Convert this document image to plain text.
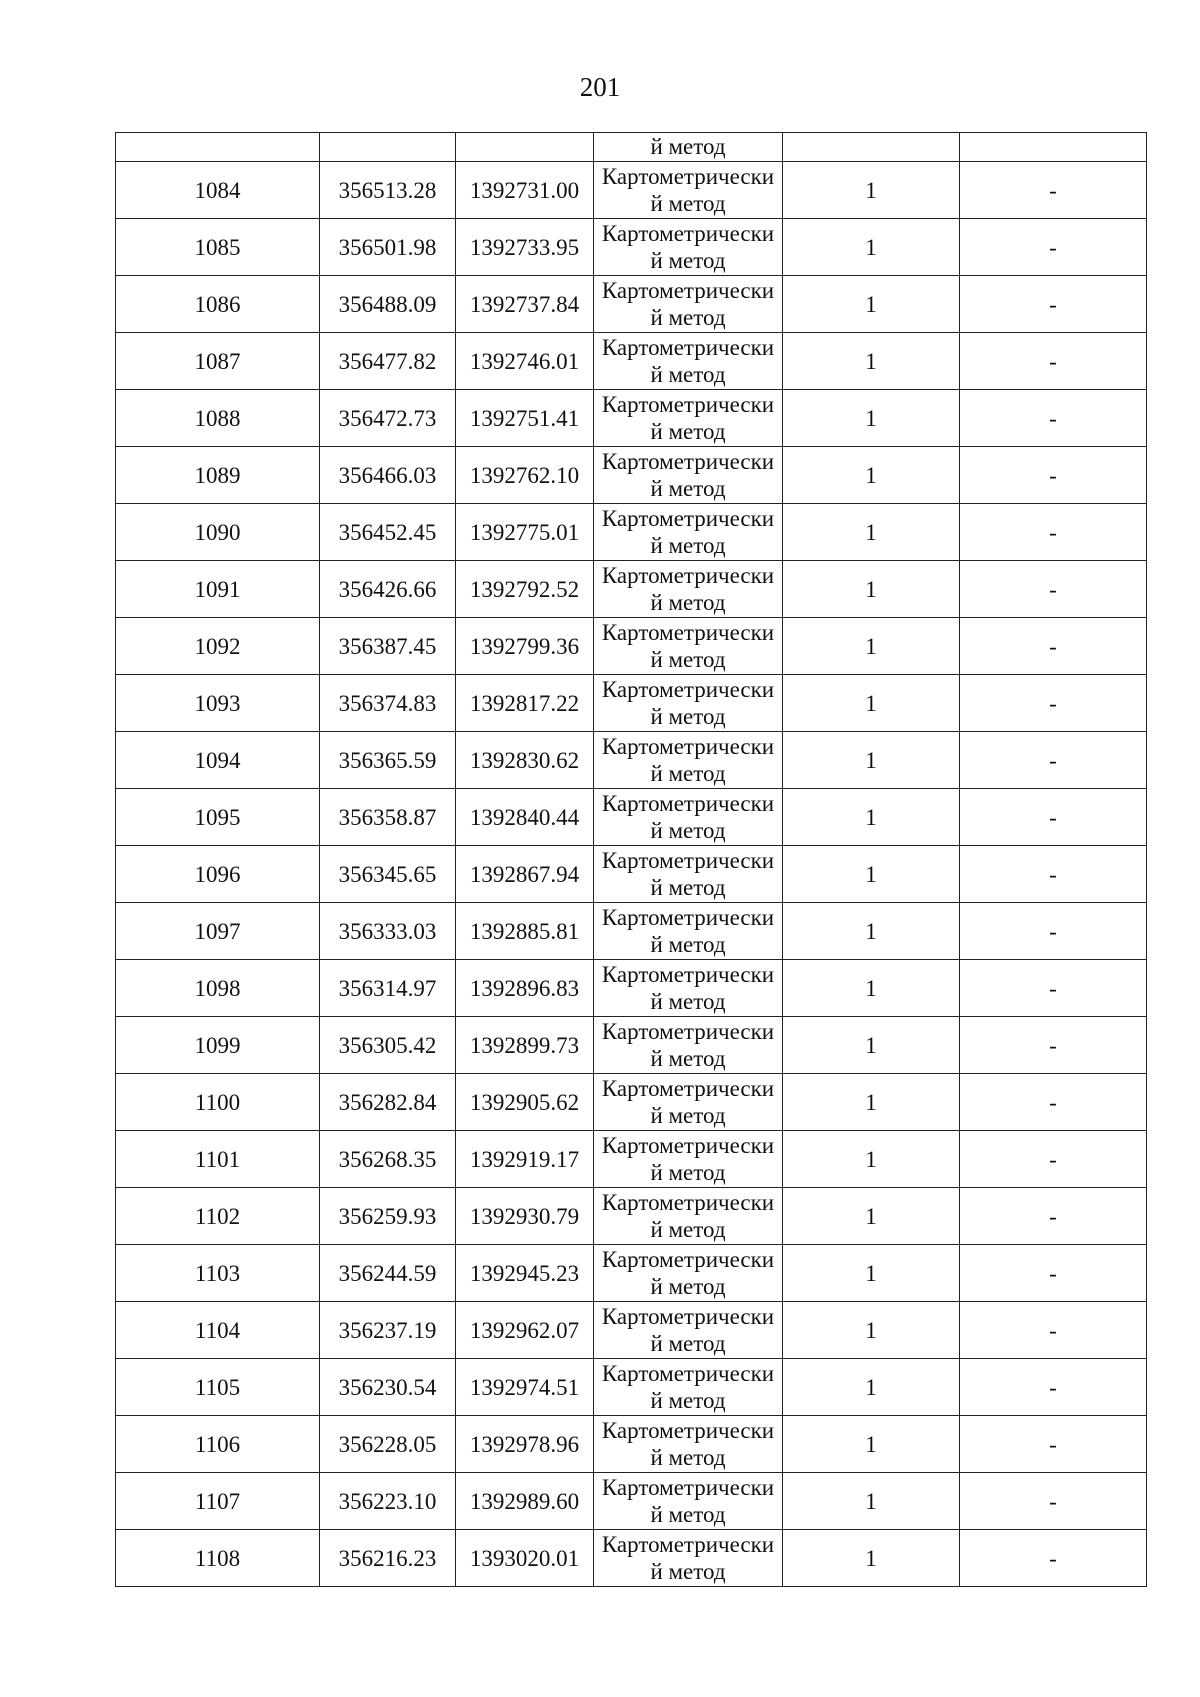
201
			й метод		
1084	356513.28	1392731.00	Картометрически
й метод	1	-
1085	356501.98	1392733.95	Картометрически
й метод	1	-
1086	356488.09	1392737.84	Картометрически
й метод	1	-
1087	356477.82	1392746.01	Картометрически
й метод	1	-
1088	356472.73	1392751.41	Картометрически
й метод	1	-
1089	356466.03	1392762.10	Картометрически
й метод	1	-
1090	356452.45	1392775.01	Картометрически
й метод	1	-
1091	356426.66	1392792.52	Картометрически
й метод	1	-
1092	356387.45	1392799.36	Картометрически
й метод	1	-
1093	356374.83	1392817.22	Картометрически
й метод	1	-
1094	356365.59	1392830.62	Картометрически
й метод	1	-
1095	356358.87	1392840.44	Картометрически
й метод	1	-
1096	356345.65	1392867.94	Картометрически
й метод	1	-
1097	356333.03	1392885.81	Картометрически
й метод	1	-
1098	356314.97	1392896.83	Картометрически
й метод	1	-
1099	356305.42	1392899.73	Картометрически
й метод	1	-
1100	356282.84	1392905.62	Картометрически
й метод	1	-
1101	356268.35	1392919.17	Картометрически
й метод	1	-
1102	356259.93	1392930.79	Картометрически
й метод	1	-
1103	356244.59	1392945.23	Картометрически
й метод	1	-
1104	356237.19	1392962.07	Картометрически
й метод	1	-
1105	356230.54	1392974.51	Картометрически
й метод	1	-
1106	356228.05	1392978.96	Картометрически
й метод	1	-
1107	356223.10	1392989.60	Картометрически
й метод	1	-
1108	356216.23	1393020.01	Картометрически
й метод	1	-
